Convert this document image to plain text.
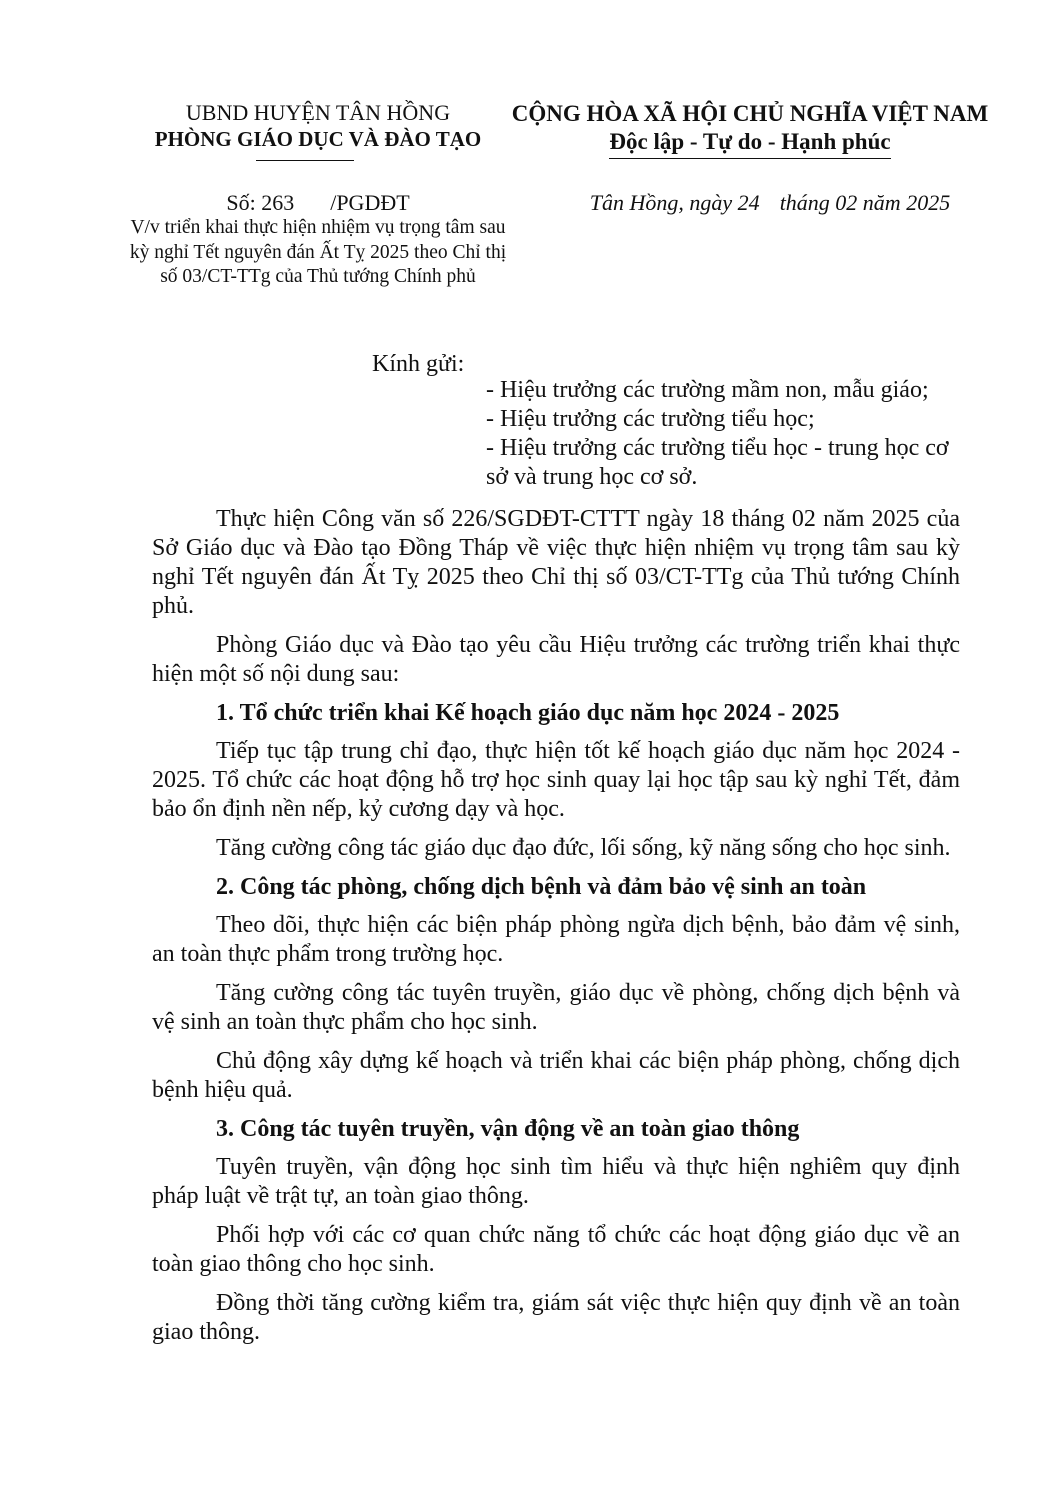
UBND HUYỆN TÂN HỒNG
PHÒNG GIÁO DỤC VÀ ĐÀO TẠO
CỘNG HÒA XÃ HỘI CHỦ NGHĨA VIỆT NAM
Độc lập - Tự do - Hạnh phúc
Số: 263 /PGDĐT
V/v triển khai thực hiện nhiệm vụ trọng tâm sau kỳ nghỉ Tết nguyên đán Ất Tỵ 2025 theo Chỉ thị số 03/CT-TTg của Thủ tướng Chính phủ
Tân Hồng, ngày 24 tháng 02 năm 2025
Kính gửi:
- Hiệu trưởng các trường mầm non, mẫu giáo;
- Hiệu trưởng các trường tiểu học;
- Hiệu trưởng các trường tiểu học - trung học cơ sở và trung học cơ sở.

Thực hiện Công văn số 226/SGDĐT-CTTT ngày 18 tháng 02 năm 2025 của Sở Giáo dục và Đào tạo Đồng Tháp về việc thực hiện nhiệm vụ trọng tâm sau kỳ nghỉ Tết nguyên đán Ất Tỵ 2025 theo Chỉ thị số 03/CT-TTg của Thủ tướng Chính phủ.

Phòng Giáo dục và Đào tạo yêu cầu Hiệu trưởng các trường triển khai thực hiện một số nội dung sau:

1. Tổ chức triển khai Kế hoạch giáo dục năm học 2024 - 2025

Tiếp tục tập trung chỉ đạo, thực hiện tốt kế hoạch giáo dục năm học 2024 - 2025. Tổ chức các hoạt động hỗ trợ học sinh quay lại học tập sau kỳ nghỉ Tết, đảm bảo ổn định nền nếp, kỷ cương dạy và học.

Tăng cường công tác giáo dục đạo đức, lối sống, kỹ năng sống cho học sinh.

2. Công tác phòng, chống dịch bệnh và đảm bảo vệ sinh an toàn

Theo dõi, thực hiện các biện pháp phòng ngừa dịch bệnh, bảo đảm vệ sinh, an toàn thực phẩm trong trường học.

Tăng cường công tác tuyên truyền, giáo dục về phòng, chống dịch bệnh và vệ sinh an toàn thực phẩm cho học sinh.

Chủ động xây dựng kế hoạch và triển khai các biện pháp phòng, chống dịch bệnh hiệu quả.

3. Công tác tuyên truyền, vận động về an toàn giao thông

Tuyên truyền, vận động học sinh tìm hiểu và thực hiện nghiêm quy định pháp luật về trật tự, an toàn giao thông.

Phối hợp với các cơ quan chức năng tổ chức các hoạt động giáo dục về an toàn giao thông cho học sinh.

Đồng thời tăng cường kiểm tra, giám sát việc thực hiện quy định về an toàn giao thông.
